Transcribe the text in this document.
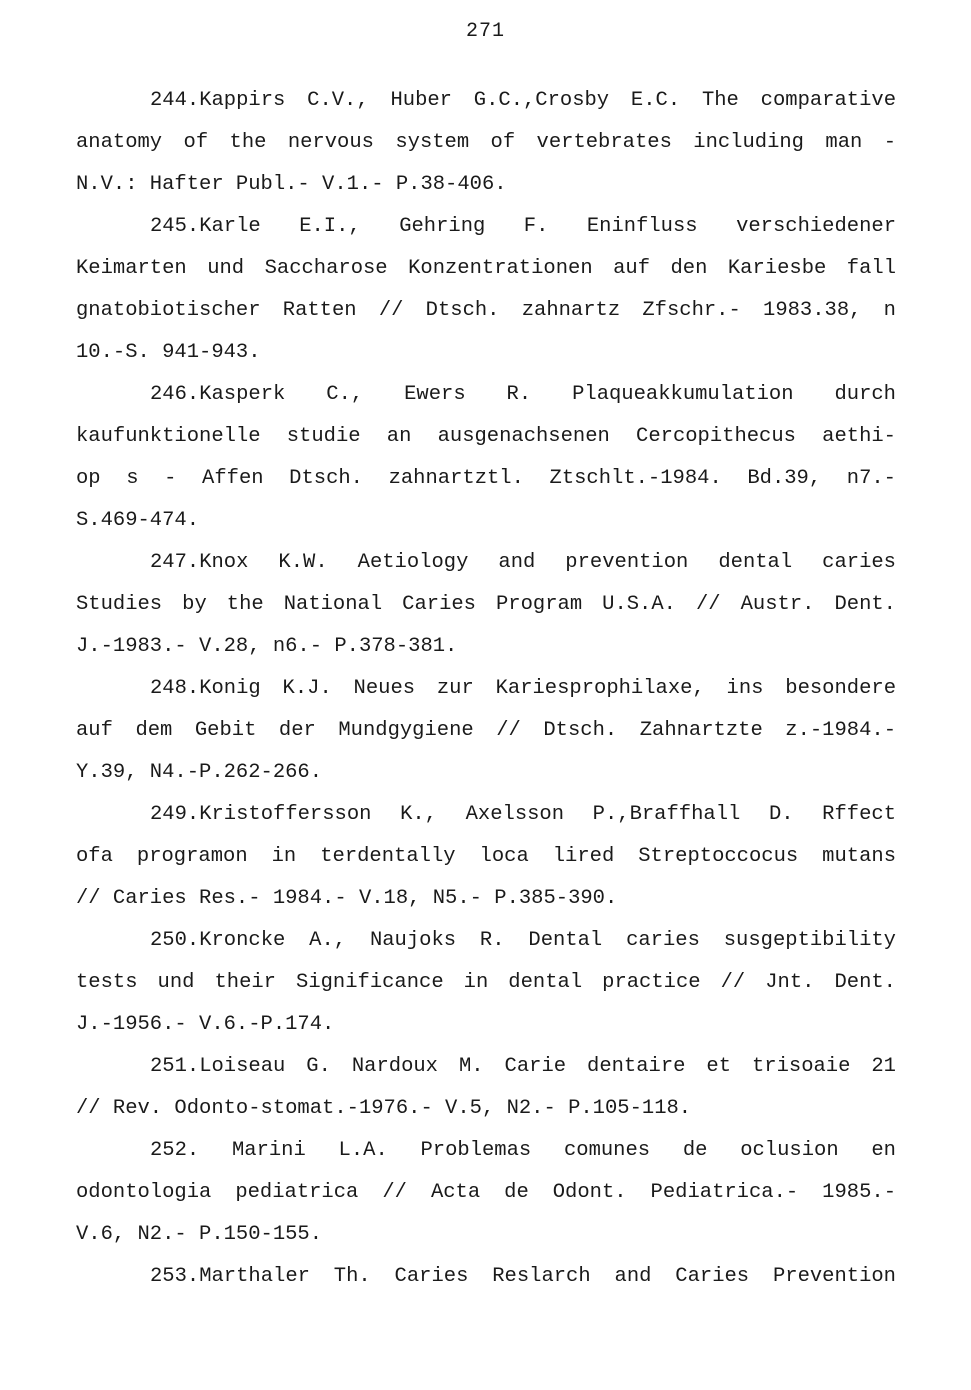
271
244.Kappirs C.V., Huber G.C.,Crosby E.C. The comparative
anatomy of the nervous system of vertebrates including man -
N.V.: Hafter Publ.- V.1.- P.38-406.
245.Karle E.I., Gehring F. Eninfluss verschiedener
Keimarten und Saccharose Konzentrationen auf den Kariesbe fall
gnatobiotischer Ratten // Dtsch. zahnartz Zfschr.- 1983.38, n
10.-S. 941-943.
246.Kasperk C., Ewers R. Plaqueakkumulation durch
kaufunktionelle studie an ausgenachsenen Cercopithecus aethi-
op s - Affen Dtsch. zahnartztl. Ztschlt.-1984. Bd.39, n7.-
S.469-474.
247.Knox K.W. Aetiology and prevention dental caries
Studies by the National Caries Program U.S.A. // Austr. Dent.
J.-1983.- V.28, n6.- P.378-381.
248.Konig K.J. Neues zur Kariesprophilaxe, ins besondere
auf dem Gebit der Mundgygiene // Dtsch. Zahnartzte z.-1984.-
Y.39, N4.-P.262-266.
249.Kristoffersson K., Axelsson P.,Braffhall D. Rffect
ofa programon in terdentally loca lired Streptoccocus mutans
// Caries Res.- 1984.- V.18, N5.- P.385-390.
250.Kroncke A., Naujoks R. Dental caries susgeptibility
tests und their Significance in dental practice // Jnt. Dent.
J.-1956.- V.6.-P.174.
251.Loiseau G. Nardoux M. Carie dentaire et trisoaie 21
// Rev. Odonto-stomat.-1976.- V.5, N2.- P.105-118.
252. Marini L.A. Problemas comunes de oclusion en
odontologia pediatrica // Acta de Odont. Pediatrica.- 1985.-
V.6, N2.- P.150-155.
253.Marthaler Th. Caries Reslarch and Caries Prevention
